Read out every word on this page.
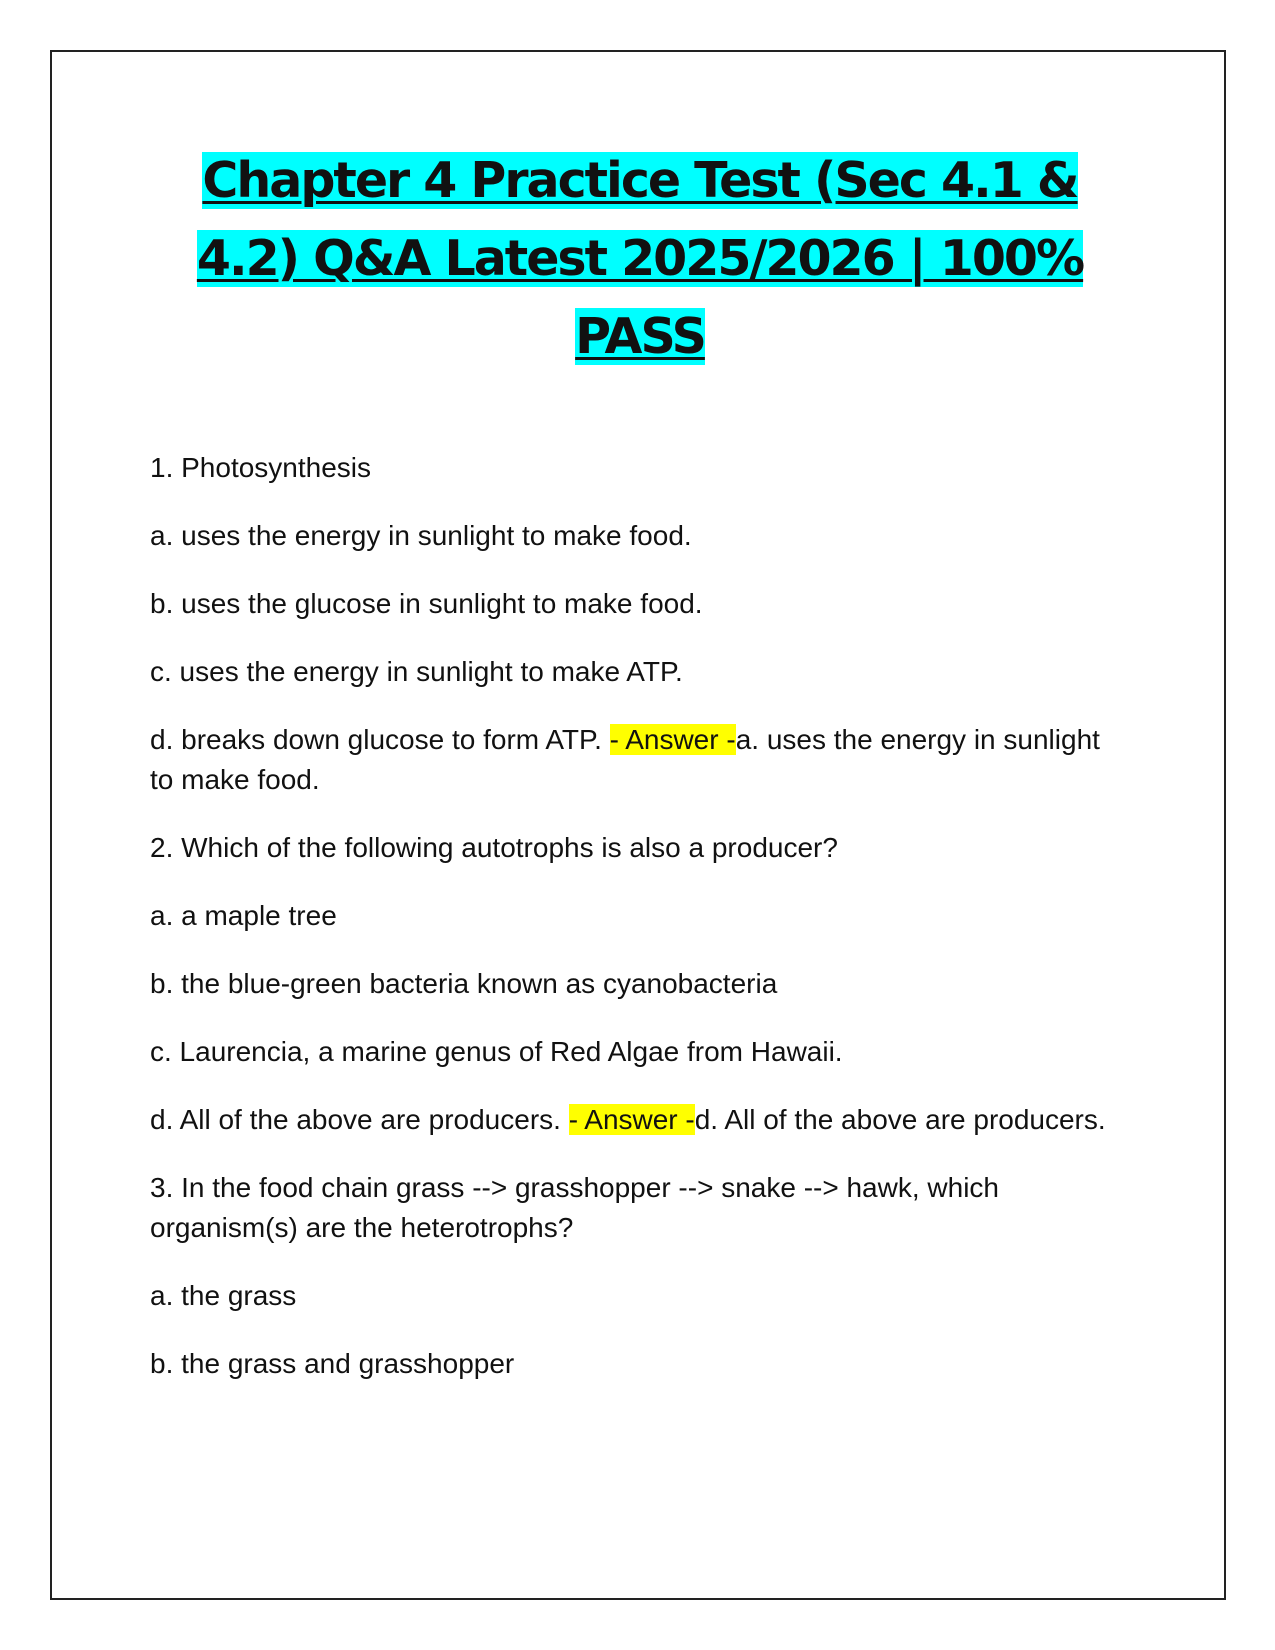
Chapter 4 Practice Test (Sec 4.1 &
4.2) Q&A Latest 2025/2026 | 100%
PASS

1. Photosynthesis

a. uses the energy in sunlight to make food.

b. uses the glucose in sunlight to make food.

c. uses the energy in sunlight to make ATP.

d. breaks down glucose to form ATP. - Answer -a. uses the energy in sunlight to make food.

2. Which of the following autotrophs is also a producer?

a. a maple tree

b. the blue-green bacteria known as cyanobacteria

c. Laurencia, a marine genus of Red Algae from Hawaii.

d. All of the above are producers. - Answer -d. All of the above are producers.

3. In the food chain grass --> grasshopper --> snake --> hawk, which organism(s) are the heterotrophs?

a. the grass

b. the grass and grasshopper
